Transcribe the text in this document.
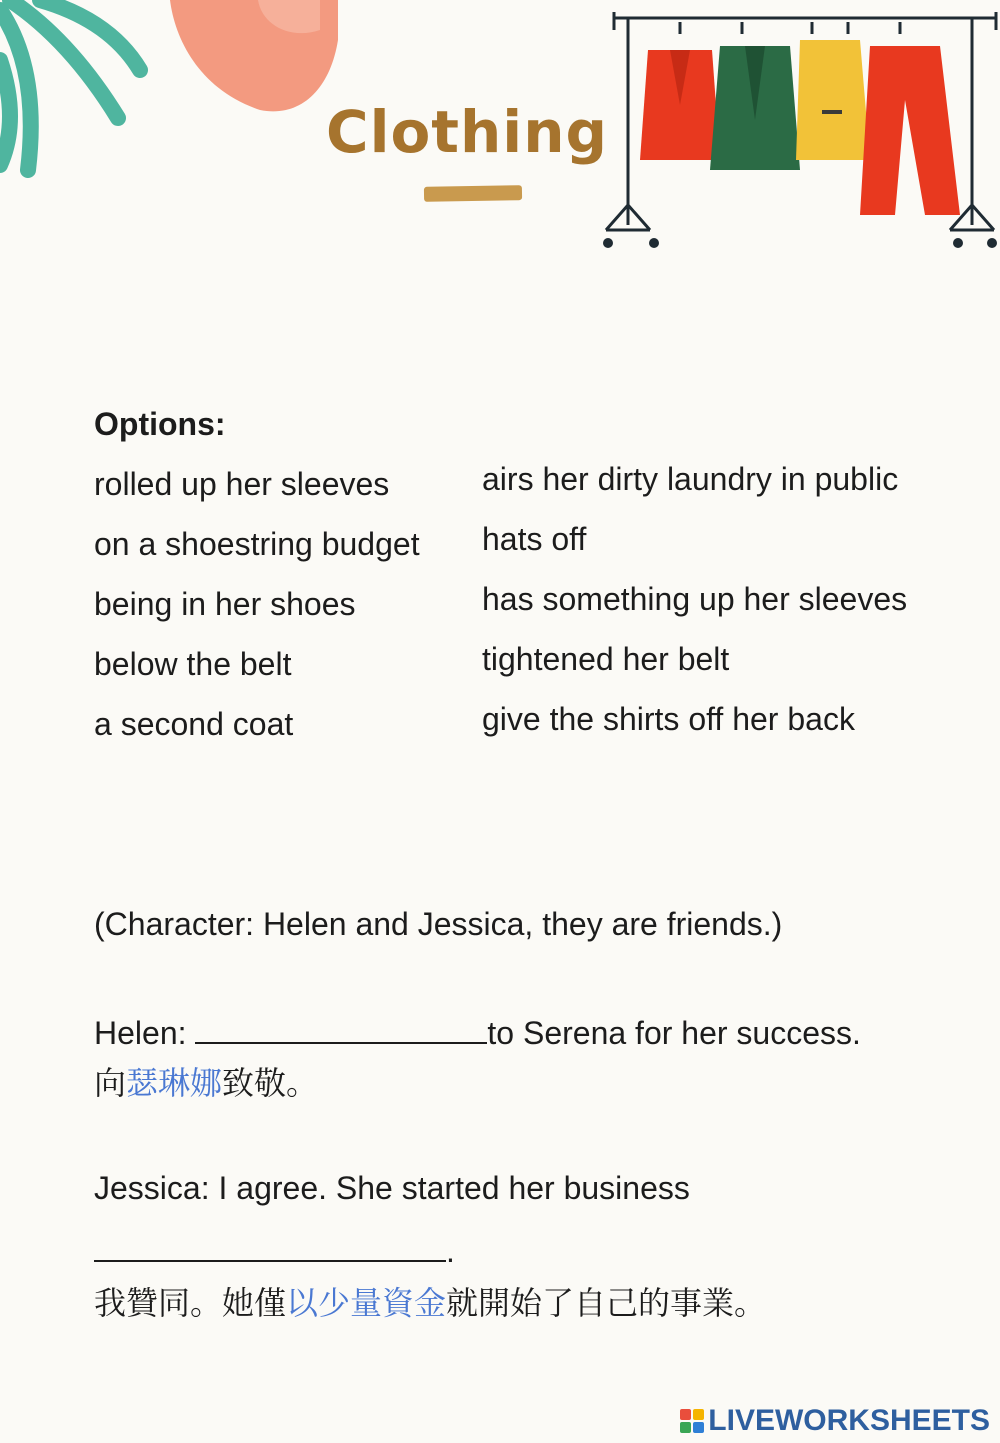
Clothing
Options:
rolled up her sleeves
on a shoestring budget
being in her shoes
below the belt
a second coat
airs her dirty laundry in public
hats off
has something up her sleeves
tightened her belt
give the shirts off her back
(Character: Helen and Jessica, they are friends.)
Helen:	to Serena for her success.
向瑟琳娜致敬。
Jessica: I agree. She started her business
.
我贊同。她僅以少量資金就開始了自己的事業。
LIVEWORKSHEETS
